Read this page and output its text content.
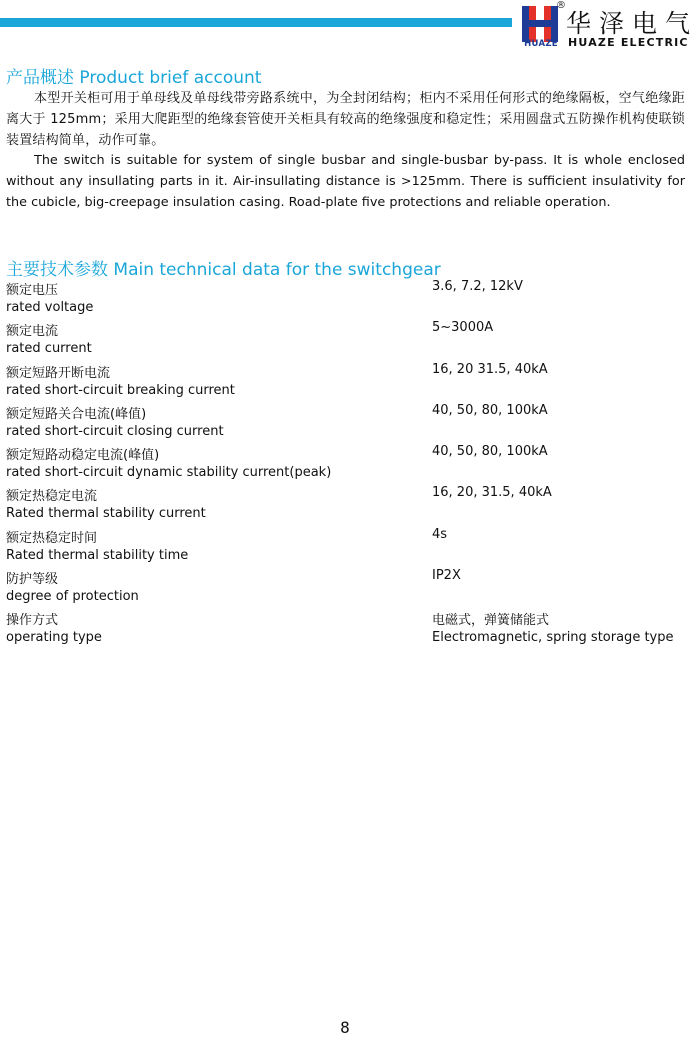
HUAZE
®
华泽电气
HUAZE ELECTRIC
产品概述 Product brief account

本型开关柜可用于单母线及单母线带旁路系统中，为全封闭结构；柜内不采用任何形式的绝缘隔板，空气绝缘距离大于 125mm；采用大爬距型的绝缘套管使开关柜具有较高的绝缘强度和稳定性；采用圆盘式五防操作机构使联锁装置结构简单，动作可靠。

The switch is suitable for system of single busbar and single-busbar by-pass. It is whole enclosed without any insullating parts in it. Air-insullating distance is >125mm. There is sufficient insulativity for the cubicle, big-creepage insulation casing. Road-plate five protections and reliable operation.

主要技术参数 Main technical data for the switchgear
额定电压
rated voltage
3.6, 7.2, 12kV
额定电流
rated current
5~3000A
额定短路开断电流
rated short-circuit breaking current
16, 20 31.5, 40kA
额定短路关合电流(峰值)
rated short-circuit closing current
40, 50, 80, 100kA
额定短路动稳定电流(峰值)
rated short-circuit dynamic stability current(peak)
40, 50, 80, 100kA
额定热稳定电流
Rated thermal stability current
16, 20, 31.5, 40kA
额定热稳定时间
Rated thermal stability time
4s
防护等级
degree of protection
IP2X
操作方式
operating type
电磁式，弹簧储能式
Electromagnetic, spring storage type
8
